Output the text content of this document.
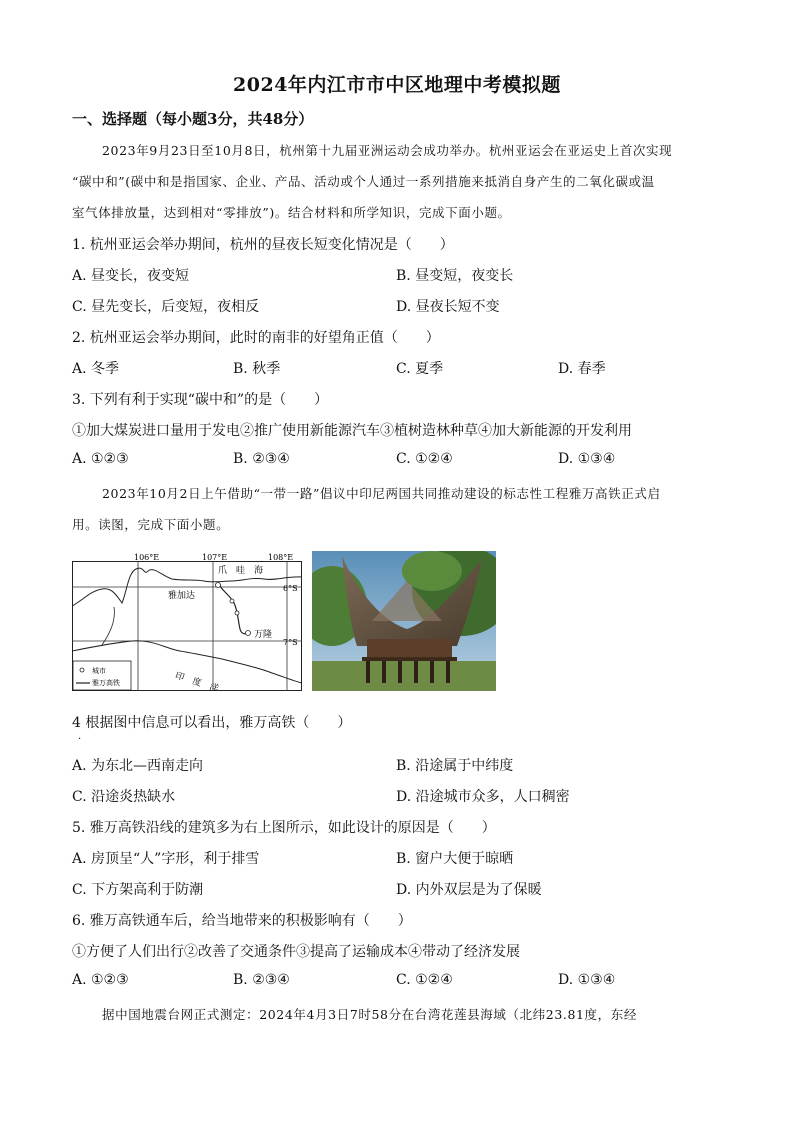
2024年内江市市中区地理中考模拟题
一、选择题（每小题3分，共48分）
2023年9月23日至10月8日，杭州第十九届亚洲运动会成功举办。杭州亚运会在亚运史上首次实现
“碳中和”(碳中和是指国家、企业、产品、活动或个人通过一系列措施来抵消自身产生的二氧化碳或温
室气体排放量，达到相对“零排放”)。结合材料和所学知识，完成下面小题。
1. 杭州亚运会举办期间，杭州的昼夜长短变化情况是（　　）
A. 昼变长，夜变短	B. 昼变短，夜变长
C. 昼先变长，后变短，夜相反	D. 昼夜长短不变
2. 杭州亚运会举办期间，此时的南非的好望角正值（　　）
A. 冬季	B. 秋季	C. 夏季	D. 春季
3. 下列有利于实现“碳中和”的是（　　）
①加大煤炭进口量用于发电②推广使用新能源汽车③植树造林种草④加大新能源的开发利用
A. ①②③	B. ②③④	C. ①②④	D. ①③④
2023年10月2日上午借助“一带一路”倡议中印尼两国共同推动建设的标志性工程雅万高铁正式启
用。读图，完成下面小题。
106°E	107°E	108°E
6°S
7°S
爪　哇　海
雅加达
万隆
印　度　洋
城市
雅万高铁
.
4 根据图中信息可以看出，雅万高铁（　　）
A. 为东北—西南走向	B. 沿途属于中纬度
C. 沿途炎热缺水	D. 沿途城市众多，人口稠密
5. 雅万高铁沿线的建筑多为右上图所示，如此设计的原因是（　　）
A. 房顶呈“人”字形，利于排雪	B. 窗户大便于晾晒
C. 下方架高利于防潮	D. 内外双层是为了保暖
6. 雅万高铁通车后，给当地带来的积极影响有（　　）
①方便了人们出行②改善了交通条件③提高了运输成本④带动了经济发展
A. ①②③	B. ②③④	C. ①②④	D. ①③④
据中国地震台网正式测定：2024年4月3日7时58分在台湾花莲县海域（北纬23.81度，东经
